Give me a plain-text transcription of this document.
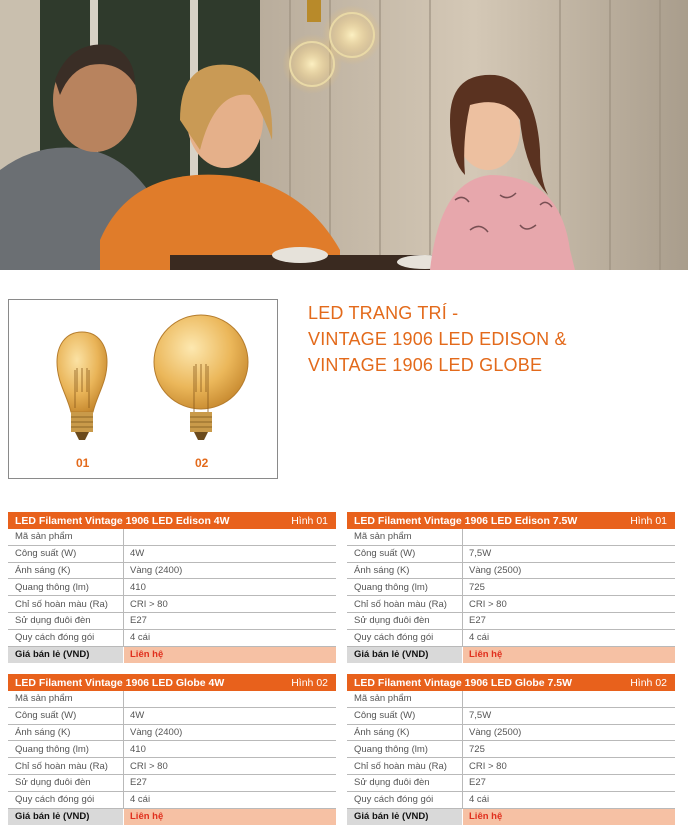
01	02
LED TRANG TRÍ -
VINTAGE 1906 LED EDISON &
VINTAGE 1906 LED GLOBE
LED Filament Vintage 1906 LED Edison 4W	Hình 01
Mã sản phẩm
Công suất (W)	4W
Ánh sáng (K)	Vàng (2400)
Quang thông (lm)	410
Chỉ số hoàn màu (Ra)	CRI > 80
Sử dụng đuôi đèn	E27
Quy cách đóng gói	4 cái
Giá bán lẻ (VND)	Liên hệ
LED Filament Vintage 1906 LED Edison 7.5W	Hình 01
Mã sản phẩm
Công suất (W)	7,5W
Ánh sáng (K)	Vàng (2500)
Quang thông (lm)	725
Chỉ số hoàn màu (Ra)	CRI > 80
Sử dụng đuôi đèn	E27
Quy cách đóng gói	4 cái
Giá bán lẻ (VND)	Liên hệ
LED Filament Vintage 1906 LED Globe 4W	Hình 02
Mã sản phẩm
Công suất (W)	4W
Ánh sáng (K)	Vàng (2400)
Quang thông (lm)	410
Chỉ số hoàn màu (Ra)	CRI > 80
Sử dụng đuôi đèn	E27
Quy cách đóng gói	4 cái
Giá bán lẻ (VND)	Liên hệ
LED Filament Vintage 1906 LED Globe 7.5W	Hình 02
Mã sản phẩm
Công suất (W)	7,5W
Ánh sáng (K)	Vàng (2500)
Quang thông (lm)	725
Chỉ số hoàn màu (Ra)	CRI > 80
Sử dụng đuôi đèn	E27
Quy cách đóng gói	4 cái
Giá bán lẻ (VND)	Liên hệ
